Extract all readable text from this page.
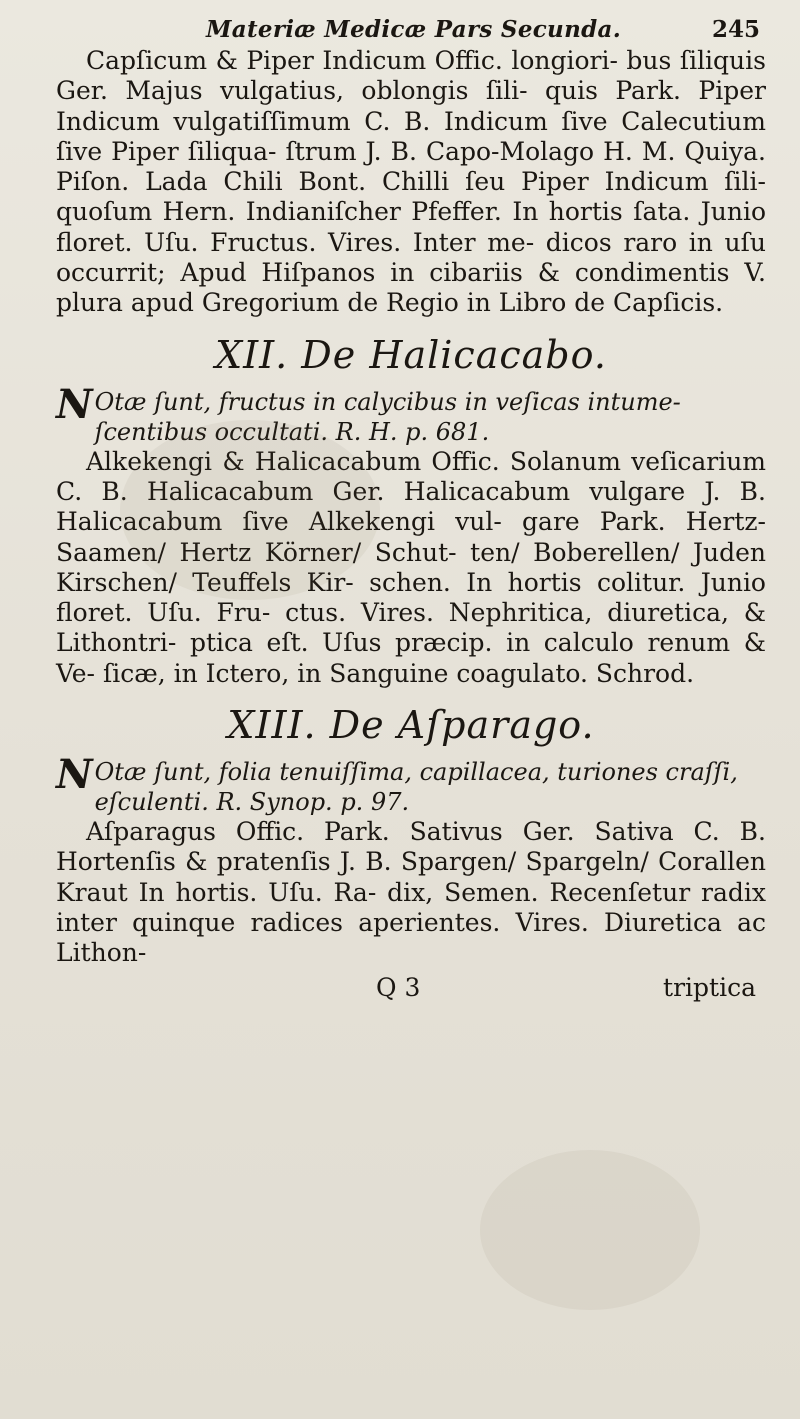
Materiæ Medicæ Pars Secunda.	245

Capſicum & Piper Indicum Offic. longiori- bus ſiliquis Ger. Majus vulgatius, oblongis ſili- quis Park. Piper Indicum vulgatiſſimum C. B. Indicum ſive Calecutium ſive Piper ſiliqua- ſtrum J. B. Capo-Molago H. M. Quiya. Piſon. Lada Chili Bont. Chilli ſeu Piper Indicum ſili- quoſum Hern. Indianiſcher Pfeffer. In hortis ſata. Junio floret. Uſu. Fructus. Vires. Inter me- dicos raro in uſu occurrit; Apud Hiſpanos in cibariis & condimentis V. plura apud Gregorium de Regio in Libro de Capſicis.

XII. De Halicacabo.

N Otæ ſunt, fructus in calycibus in veſicas intume- ſcentibus occultati. R. H. p. 681.

Alkekengi & Halicacabum Offic. Solanum veſicarium C. B. Halicacabum Ger. Halicacabum vulgare J. B. Halicacabum ſive Alkekengi vul- gare Park. Hertz-Saamen/ Hertz Körner/ Schut- ten/ Boberellen/ Juden Kirschen/ Teuffels Kir- schen. In hortis colitur. Junio floret. Uſu. Fru- ctus. Vires. Nephritica, diuretica, & Lithontri- ptica eſt. Uſus præcip. in calculo renum & Ve- ſicæ, in Ictero, in Sanguine coagulato. Schrod.

XIII. De Aſparago.

N Otæ ſunt, folia tenuiſſima, capillacea, turiones craſſi, eſculenti. R. Synop. p. 97.

Aſparagus Offic. Park. Sativus Ger. Sativa C. B. Hortenſis & pratenſis J. B. Spargen/ Spargeln/ Corallen Kraut In hortis. Uſu. Ra- dix, Semen. Recenſetur radix inter quinque radices aperientes. Vires. Diuretica ac Lithon-

Q 3	triptica
